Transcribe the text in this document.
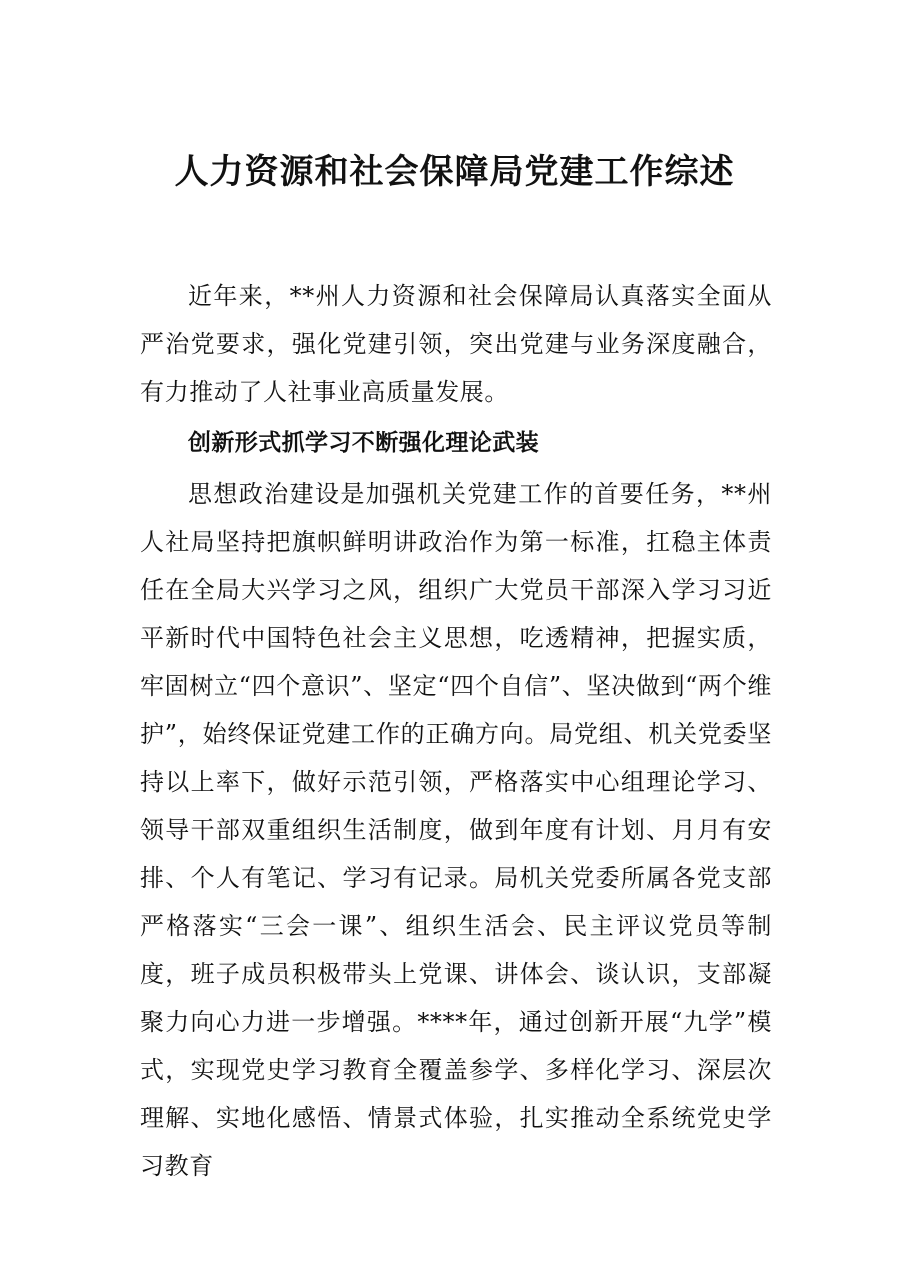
人力资源和社会保障局党建工作综述

近年来，**州人力资源和社会保障局认真落实全面从严治党要求，强化党建引领，突出党建与业务深度融合，有力推动了人社事业高质量发展。

创新形式抓学习不断强化理论武装

思想政治建设是加强机关党建工作的首要任务，**州人社局坚持把旗帜鲜明讲政治作为第一标准，扛稳主体责任在全局大兴学习之风，组织广大党员干部深入学习习近平新时代中国特色社会主义思想，吃透精神，把握实质，牢固树立“四个意识”、坚定“四个自信”、坚决做到“两个维护”，始终保证党建工作的正确方向。局党组、机关党委坚持以上率下，做好示范引领，严格落实中心组理论学习、领导干部双重组织生活制度，做到年度有计划、月月有安排、个人有笔记、学习有记录。局机关党委所属各党支部严格落实“三会一课”、组织生活会、民主评议党员等制度，班子成员积极带头上党课、讲体会、谈认识，支部凝聚力向心力进一步增强。****年，通过创新开展“九学”模式，实现党史学习教育全覆盖参学、多样化学习、深层次理解、实地化感悟、情景式体验，扎实推动全系统党史学习教育
